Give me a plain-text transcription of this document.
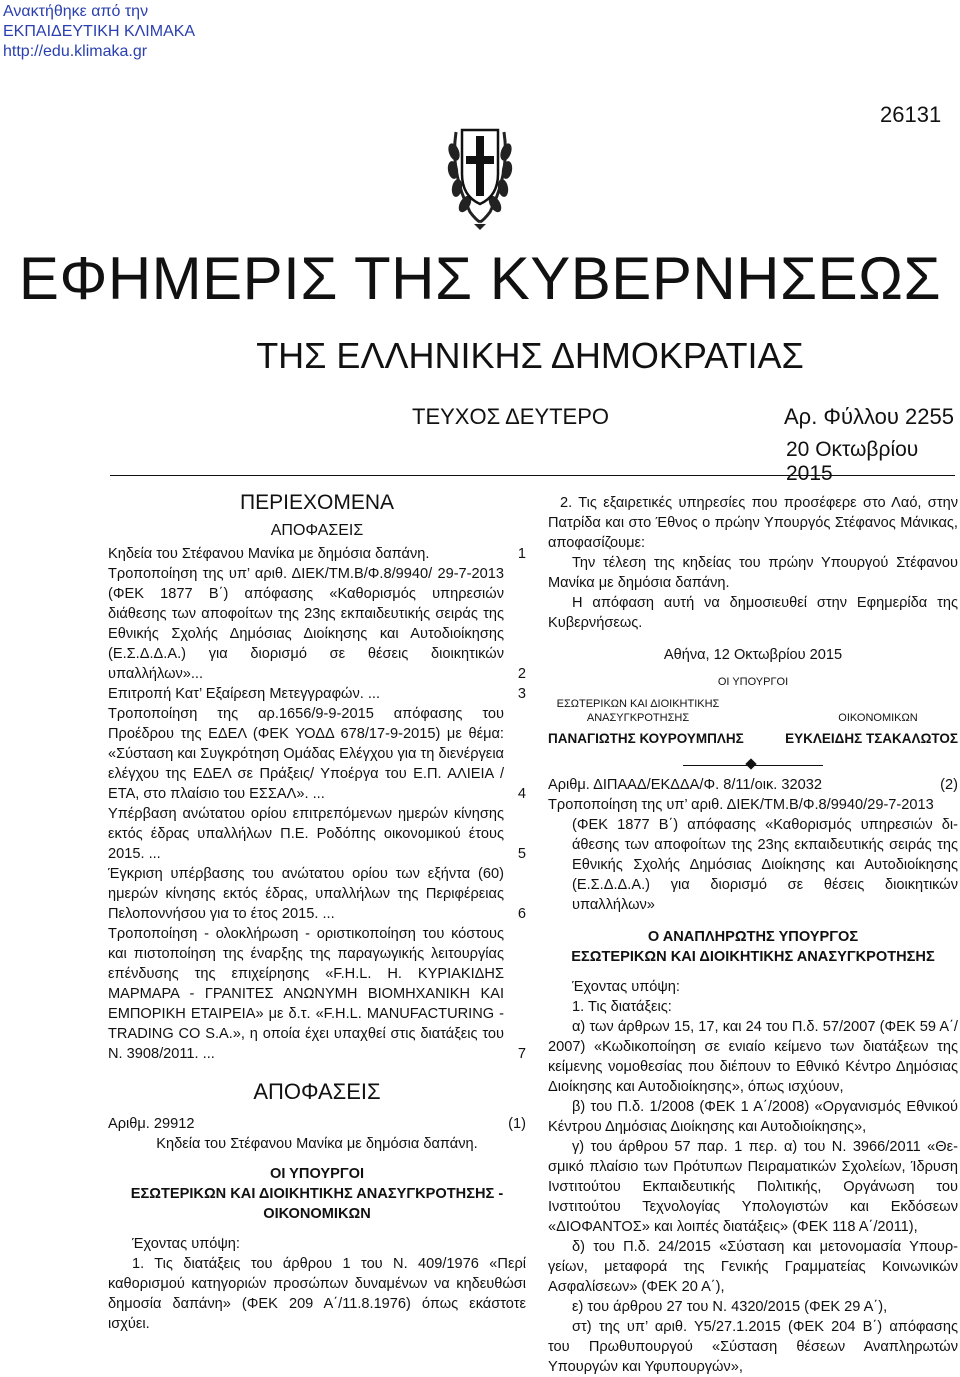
Ανακτήθηκε από την
ΕΚΠΑΙΔΕΥΤΙΚΗ ΚΛΙΜΑΚΑ
http://edu.klimaka.gr
26131
ΕΦΗΜΕΡΙΣ ΤΗΣ ΚΥΒΕΡΝΗΣΕΩΣ
ΤΗΣ ΕΛΛΗΝΙΚΗΣ ΔΗΜΟΚΡΑΤΙΑΣ
ΤΕΥΧΟΣ ΔΕΥΤΕΡΟ	Αρ. Φύλλου 2255
20 Οκτωβρίου 2015
ΠΕΡΙΕΧΟΜΕΝΑ
ΑΠΟΦΑΣΕΙΣ
Κηδεία του Στέφανου Μανίκα με δημόσια δαπάνη.	1
Τροποποίηση της υπ’ αριθ. ΔΙΕΚ/ΤΜ.Β/Φ.8/9940/ 29-7-2013 (ΦΕΚ 1877 Β΄) απόφασης «Καθορισμός υπηρεσιών διάθεσης των αποφοίτων της 23ης εκπαιδευτικής σειράς της Εθνικής Σχολής Δημόσιας Διοίκησης και Αυτοδιοίκησης (Ε.Σ.Δ.Δ.Α.) για διορισμό σε θέσεις διοικητικών υπαλλήλων»...	2
Επιτροπή Κατ’ Εξαίρεση Μετεγγραφών. ...	3
Τροποποίηση της αρ.1656/9-9-2015 απόφασης του Προέδρου της ΕΔΕΛ (ΦΕΚ ΥΟΔΔ 678/17-9-2015) με θέμα: «Σύσταση και Συγκρότηση Ομάδας Ελέγχου για τη διενέργεια ελέγχου της ΕΔΕΛ σε Πράξεις/ Υποέργα του Ε.Π. ΑΛΙΕΙΑ / ΕΤΑ, στο πλαίσιο του ΕΣΣΑΛ». ...	4
Υπέρβαση ανώτατου ορίου επιτρεπόμενων ημερών κίνησης εκτός έδρας υπαλλήλων Π.Ε. Ροδόπης οικονομικού έτους 2015. ...	5
Έγκριση υπέρβασης του ανώτατου ορίου των εξήντα (60) ημερών κίνησης εκτός έδρας, υπαλλήλων της Περιφέρειας Πελοποννήσου για το έτος 2015. ...	6
Τροποποίηση - ολοκλήρωση - οριστικοποίηση του κόστους και πιστοποίηση της έναρξης της παραγωγικής λειτουργίας επένδυσης της επιχείρησης «F.H.L. Η. ΚΥΡΙΑΚΙΔΗΣ ΜΑΡΜΑΡΑ - ΓΡΑΝΙΤΕΣ ΑΝΩΝΥΜΗ ΒΙΟΜΗΧΑΝΙΚΗ ΚΑΙ ΕΜΠΟΡΙΚΗ ΕΤΑΙΡΕΙΑ» με δ.τ. «F.H.L. MANUFACTURING - TRADING CO S.A.», η οποία έχει υπαχθεί στις διατάξεις του Ν. 3908/2011. ...	7
ΑΠΟΦΑΣΕΙΣ
Αριθμ. 29912	(1)
Κηδεία του Στέφανου Μανίκα με δημόσια δαπάνη.
ΟΙ ΥΠΟΥΡΓΟΙ
ΕΣΩΤΕΡΙΚΩΝ ΚΑΙ ΔΙΟΙΚΗΤΙΚΗΣ ΑΝΑΣΥΓΚΡΟΤΗΣΗΣ - ΟΙΚΟΝΟΜΙΚΩΝ
Έχοντας υπόψη:
1. Τις διατάξεις του άρθρου 1 του Ν. 409/1976 «Περί καθορισμού κατηγοριών προσώπων δυναμένων να κηδευθώσι δημοσία δαπάνη» (ΦΕΚ 209 Α΄/11.8.1976) όπως εκάστοτε ισχύει.
2. Τις εξαιρετικές υπηρεσίες που προσέφερε στο Λαό, στην Πατρίδα και στο Έθνος ο πρώην Υπουργός Στέφανος Μάνικας, αποφασίζουμε:
Την τέλεση της κηδείας του πρώην Υπουργού Στέφανου Μανίκα με δημόσια δαπάνη.
Η απόφαση αυτή να δημοσιευθεί στην Εφημερίδα της Κυβερνήσεως.
Αθήνα, 12 Οκτωβρίου 2015
ΟΙ ΥΠΟΥΡΓΟΙ
ΕΣΩΤΕΡΙΚΩΝ ΚΑΙ ΔΙΟΙΚΗΤΙΚΗΣ ΑΝΑΣΥΓΚΡΟΤΗΣΗΣ	ΟΙΚΟΝΟΜΙΚΩΝ
ΠΑΝΑΓΙΩΤΗΣ ΚΟΥΡΟΥΜΠΛΗΣ	ΕΥΚΛΕΙΔΗΣ ΤΣΑΚΑΛΩΤΟΣ
Αριθμ. ΔΙΠΑΑΔ/ΕΚΔΔΑ/Φ. 8/11/οικ. 32032	(2)
Τροποποίηση της υπ’ αριθ. ΔΙΕΚ/ΤΜ.Β/Φ.8/9940/29-7-2013
(ΦΕΚ 1877 Β΄) απόφασης «Καθορισμός υπηρεσιών διάθεσης των αποφοίτων της 23ης εκπαιδευτικής σειράς της Εθνικής Σχολής Δημόσιας Διοίκησης και Αυτοδιοίκησης (Ε.Σ.Δ.Δ.Α.) για διορισμό σε θέσεις διοικητικών υπαλλήλων»
Ο ΑΝΑΠΛΗΡΩΤΗΣ ΥΠΟΥΡΓΟΣ
ΕΣΩΤΕΡΙΚΩΝ ΚΑΙ ΔΙΟΙΚΗΤΙΚΗΣ ΑΝΑΣΥΓΚΡΟΤΗΣΗΣ
Έχοντας υπόψη:
1. Τις διατάξεις:
α) των άρθρων 15, 17, και 24 του Π.δ. 57/2007 (ΦΕΚ 59 Α΄/ 2007) «Κωδικοποίηση σε ενιαίο κείμενο των διατάξεων της κείμενης νομοθεσίας που διέπουν το Εθνικό Κέντρο Δημόσιας Διοίκησης και Αυτοδιοίκησης», όπως ισχύουν,
β) του Π.δ. 1/2008 (ΦΕΚ 1 Α΄/2008) «Οργανισμός Εθνικού Κέντρου Δημόσιας Διοίκησης και Αυτοδιοίκησης»,
γ) του άρθρου 57 παρ. 1 περ. α) του Ν. 3966/2011 «Θεσμικό πλαίσιο των Πρότυπων Πειραματικών Σχολείων, Ίδρυση Ινστιτούτου Εκπαιδευτικής Πολιτικής, Οργάνωση του Ινστιτούτου Τεχνολογίας Υπολογιστών και Εκδόσεων «ΔΙΟΦΑΝΤΟΣ» και λοιπές διατάξεις» (ΦΕΚ 118 Α΄/2011),
δ) του Π.δ. 24/2015 «Σύσταση και μετονομασία Υπουργείων, μεταφορά της Γενικής Γραμματείας Κοινωνικών Ασφαλίσεων» (ΦΕΚ 20 Α΄),
ε) του άρθρου 27 του Ν. 4320/2015 (ΦΕΚ 29 Α΄),
στ) της υπ’ αριθ. Υ5/27.1.2015 (ΦΕΚ 204 Β΄) απόφασης του Πρωθυπουργού «Σύσταση θέσεων Αναπληρωτών Υπουργών και Υφυπουργών»,
